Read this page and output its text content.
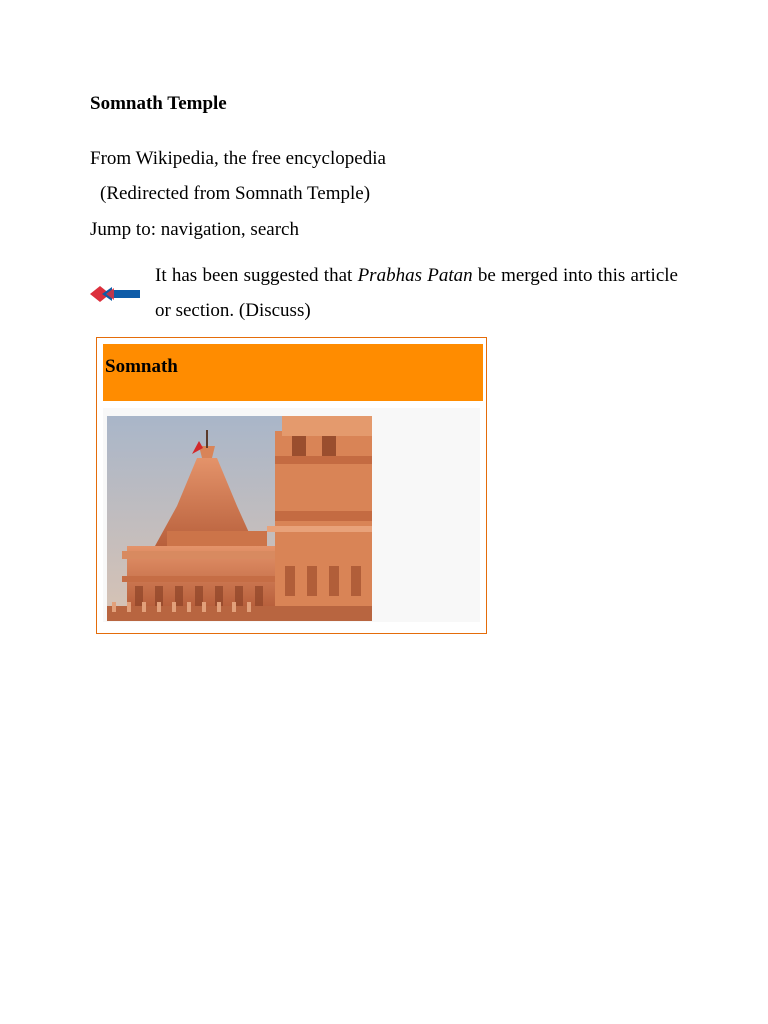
Somnath Temple

From Wikipedia, the free encyclopedia

(Redirected from Somnath Temple)

Jump to: navigation, search

It has been suggested that Prabhas Patan be merged into this article or section. (Discuss)

Somnath
